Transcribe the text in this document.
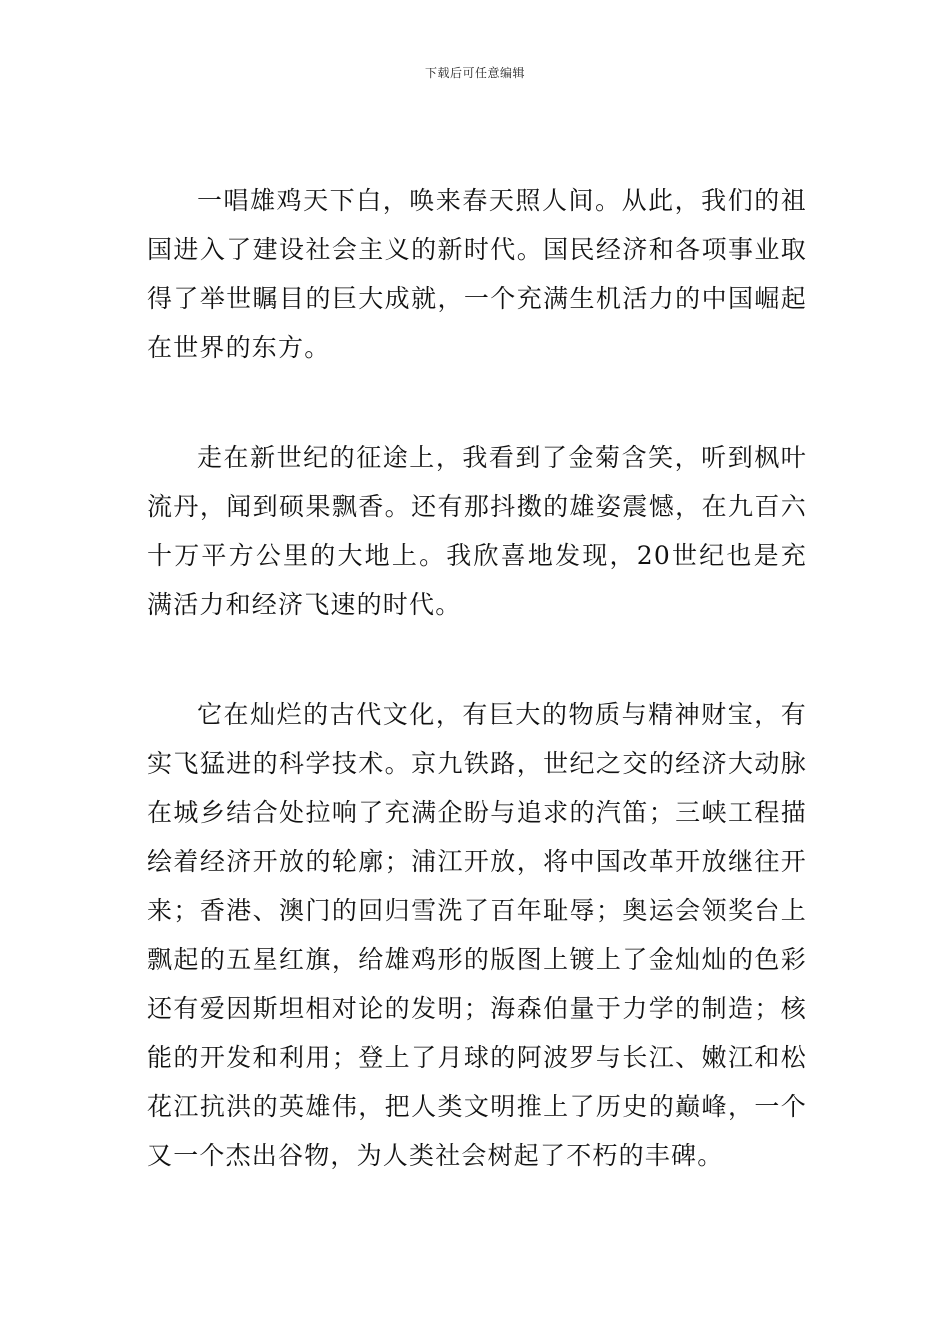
下载后可任意编辑

一唱雄鸡天下白，唤来春天照人间。从此，我们的祖国进入了建设社会主义的新时代。国民经济和各项事业取得了举世瞩目的巨大成就，一个充满生机活力的中国崛起在世界的东方。

走在新世纪的征途上，我看到了金菊含笑，听到枫叶流丹，闻到硕果飘香。还有那抖擞的雄姿震憾，在九百六十万平方公里的大地上。我欣喜地发现，20世纪也是充满活力和经济飞速的时代。

它在灿烂的古代文化，有巨大的物质与精神财宝，有实飞猛进的科学技术。京九铁路，世纪之交的经济大动脉在城乡结合处拉响了充满企盼与追求的汽笛；三峡工程描绘着经济开放的轮廓；浦江开放，将中国改革开放继往开来；香港、澳门的回归雪洗了百年耻辱；奥运会领奖台上飘起的五星红旗，给雄鸡形的版图上镀上了金灿灿的色彩还有爱因斯坦相对论的发明；海森伯量于力学的制造；核能的开发和利用；登上了月球的阿波罗与长江、嫩江和松花江抗洪的英雄伟，把人类文明推上了历史的巅峰，一个又一个杰出谷物，为人类社会树起了不朽的丰碑。
